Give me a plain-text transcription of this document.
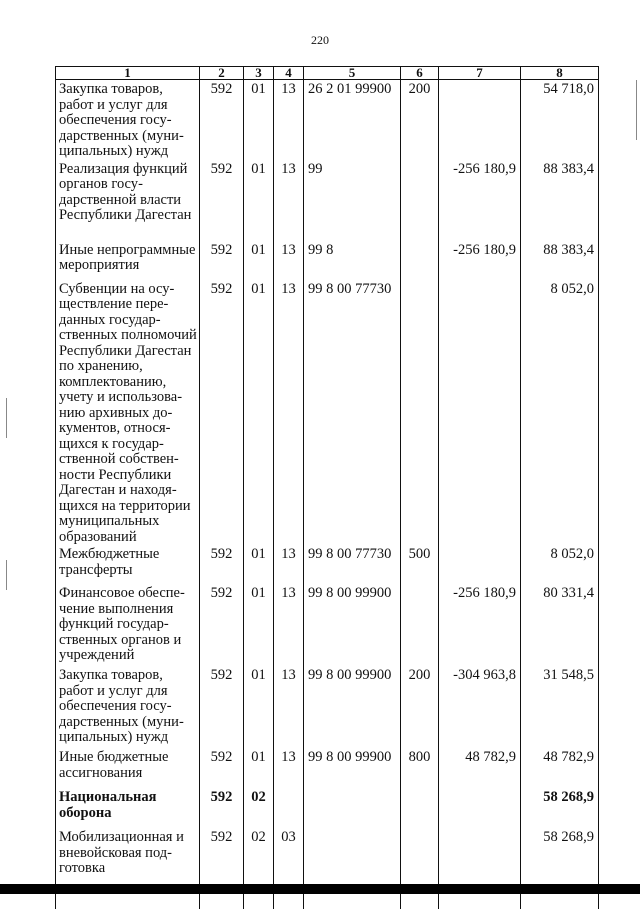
220
1	2	3	4	5	6	7	8
Закупка товаров, работ и услуг для обеспечения государственных (муниципальных) нужд	592	01	13	26 2 01 99900	200		54 718,0
Реализация функций органов государственной власти Республики Дагестан	592	01	13	99		-256 180,9	88 383,4
Иные непрограммные мероприятия	592	01	13	99 8		-256 180,9	88 383,4
Субвенции на осуществление переданных государственных полномочий Республики Дагестан по хранению, комплектованию, учету и использованию архивных документов, относящихся к государственной собственности Республики Дагестан и находящихся на территории муниципальных образований	592	01	13	99 8 00 77730			8 052,0
Межбюджетные трансферты	592	01	13	99 8 00 77730	500		8 052,0
Финансовое обеспечение выполнения функций государственных органов и учреждений	592	01	13	99 8 00 99900		-256 180,9	80 331,4
Закупка товаров, работ и услуг для обеспечения государственных (муниципальных) нужд	592	01	13	99 8 00 99900	200	-304 963,8	31 548,5
Иные бюджетные ассигнования	592	01	13	99 8 00 99900	800	48 782,9	48 782,9
Национальная оборона	592	02					58 268,9
Мобилизационная и вневойсковая подготовка	592	02	03				58 268,9
